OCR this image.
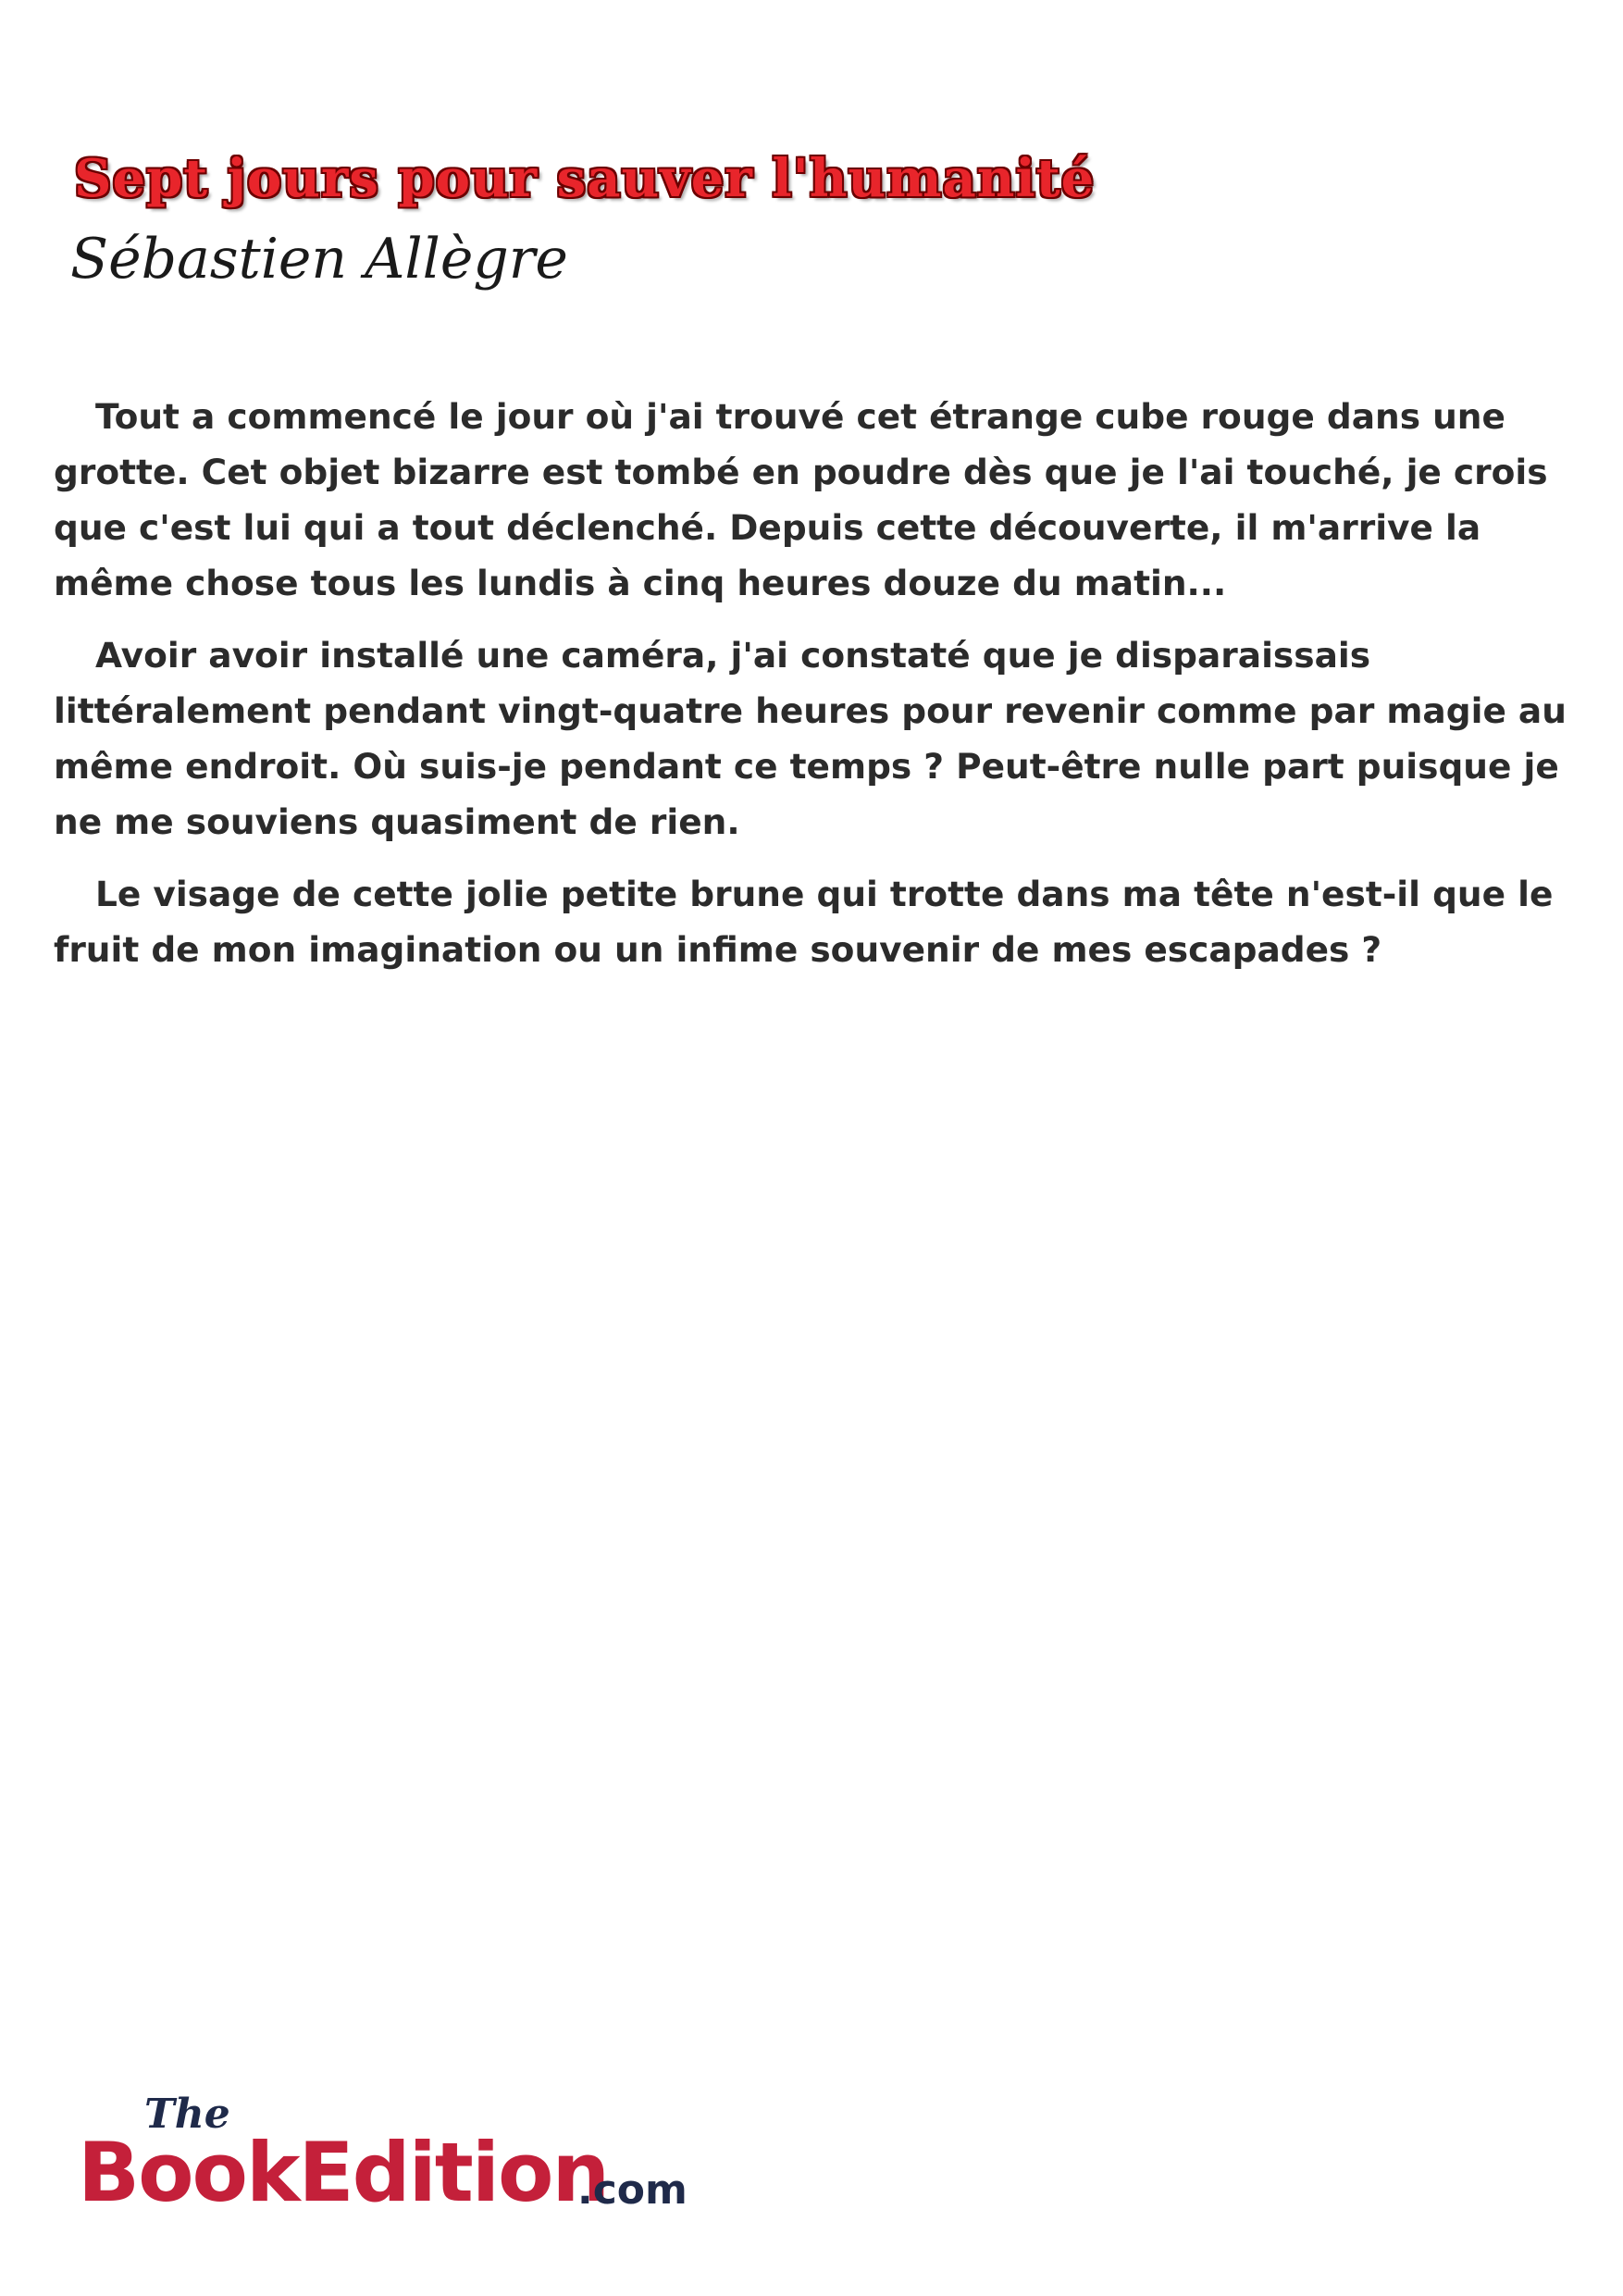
Sept jours pour sauver l'humanité
Sébastien Allègre

Tout a commencé le jour où j'ai trouvé cet étrange cube rouge dans une grotte. Cet objet bizarre est tombé en poudre dès que je l'ai touché, je crois que c'est lui qui a tout déclenché. Depuis cette découverte, il m'arrive la même chose tous les lundis à cinq heures douze du matin...

Avoir avoir installé une caméra, j'ai constaté que je disparaissais littéralement pendant vingt-quatre heures pour revenir comme par magie au même endroit. Où suis-je pendant ce temps ? Peut-être nulle part puisque je ne me souviens quasiment de rien.

Le visage de cette jolie petite brune qui trotte dans ma tête n'est-il que le fruit de mon imagination ou un infime souvenir de mes escapades ?

The
BookEdition
.com
